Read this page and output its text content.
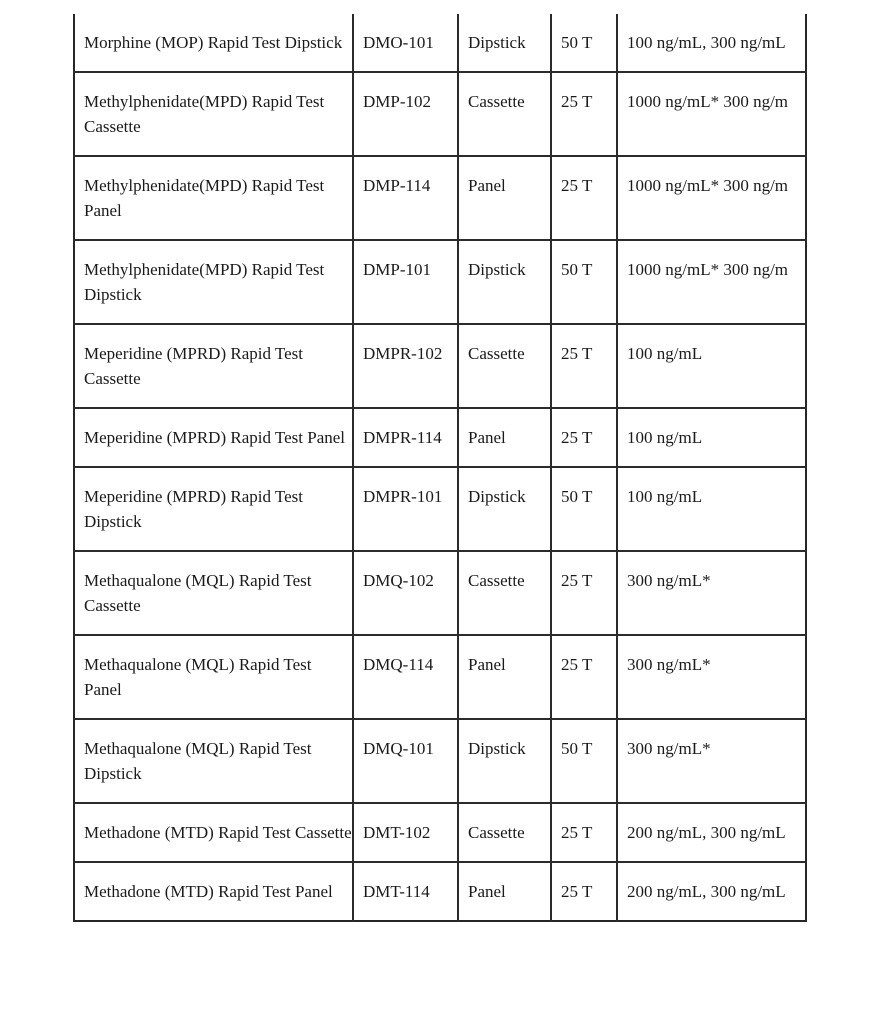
Morphine (MOP) Rapid Test Dipstick	DMO-101	Dipstick	50 T	100 ng/mL, 300 ng/mL

Methylphenidate(MPD) Rapid Test Cassette	DMP-102	Cassette	25 T	1000 ng/mL* 300 ng/m

Methylphenidate(MPD) Rapid Test Panel	DMP-114	Panel	25 T	1000 ng/mL* 300 ng/m

Methylphenidate(MPD) Rapid Test Dipstick	DMP-101	Dipstick	50 T	1000 ng/mL* 300 ng/m

Meperidine (MPRD) Rapid Test Cassette	DMPR-102	Cassette	25 T	100 ng/mL

Meperidine (MPRD) Rapid Test Panel	DMPR-114	Panel	25 T	100 ng/mL

Meperidine (MPRD) Rapid Test Dipstick	DMPR-101	Dipstick	50 T	100 ng/mL

Methaqualone (MQL) Rapid Test Cassette	DMQ-102	Cassette	25 T	300 ng/mL*

Methaqualone (MQL) Rapid Test Panel	DMQ-114	Panel	25 T	300 ng/mL*

Methaqualone (MQL) Rapid Test Dipstick	DMQ-101	Dipstick	50 T	300 ng/mL*

Methadone (MTD) Rapid Test Cassette	DMT-102	Cassette	25 T	200 ng/mL, 300 ng/mL

Methadone (MTD) Rapid Test Panel	DMT-114	Panel	25 T	200 ng/mL, 300 ng/mL
